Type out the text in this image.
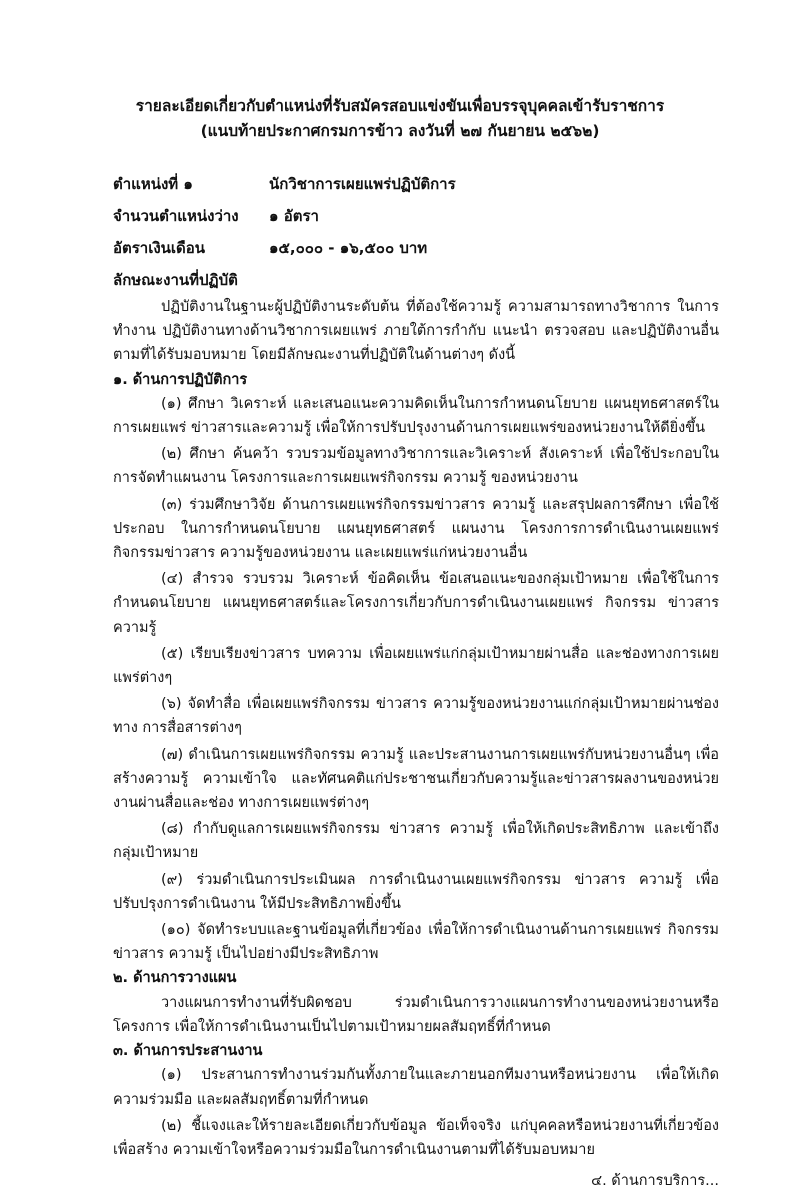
รายละเอียดเกี่ยวกับตำแหน่งที่รับสมัครสอบแข่งขันเพื่อบรรจุบุคคลเข้ารับราชการ
(แนบท้ายประกาศกรมการข้าว ลงวันที่ ๒๗ กันยายน ๒๕๖๒)
ตำแหน่งที่ ๑	นักวิชาการเผยแพร่ปฏิบัติการ
จำนวนตำแหน่งว่าง	๑ อัตรา
อัตราเงินเดือน	๑๕,๐๐๐ - ๑๖,๕๐๐ บาท
ลักษณะงานที่ปฏิบัติ

ปฏิบัติงานในฐานะผู้ปฏิบัติงานระดับต้น ที่ต้องใช้ความรู้ ความสามารถทางวิชาการ ในการทำงาน ปฏิบัติงานทางด้านวิชาการเผยแพร่ ภายใต้การกำกับ แนะนำ ตรวจสอบ และปฏิบัติงานอื่น ตามที่ได้รับมอบหมาย โดยมีลักษณะงานที่ปฏิบัติในด้านต่างๆ ดังนี้

๑. ด้านการปฏิบัติการ

(๑) ศึกษา วิเคราะห์ และเสนอแนะความคิดเห็นในการกำหนดนโยบาย แผนยุทธศาสตร์ในการเผยแพร่ ข่าวสารและความรู้ เพื่อให้การปรับปรุงงานด้านการเผยแพร่ของหน่วยงานให้ดียิ่งขึ้น

(๒) ศึกษา ค้นคว้า รวบรวมข้อมูลทางวิชาการและวิเคราะห์ สังเคราะห์ เพื่อใช้ประกอบในการจัดทำแผนงาน โครงการและการเผยแพร่กิจกรรม ความรู้ ของหน่วยงาน

(๓) ร่วมศึกษาวิจัย ด้านการเผยแพร่กิจกรรมข่าวสาร ความรู้ และสรุปผลการศึกษา เพื่อใช้ประกอบ ในการกำหนดนโยบาย แผนยุทธศาสตร์ แผนงาน โครงการการดำเนินงานเผยแพร่กิจกรรมข่าวสาร ความรู้ของหน่วยงาน และเผยแพร่แก่หน่วยงานอื่น

(๔) สำรวจ รวบรวม วิเคราะห์ ข้อคิดเห็น ข้อเสนอแนะของกลุ่มเป้าหมาย เพื่อใช้ในการกำหนดนโยบาย แผนยุทธศาสตร์และโครงการเกี่ยวกับการดำเนินงานเผยแพร่ กิจกรรม ข่าวสาร ความรู้

(๕) เรียบเรียงข่าวสาร บทความ เพื่อเผยแพร่แก่กลุ่มเป้าหมายผ่านสื่อ และช่องทางการเผยแพร่ต่างๆ

(๖) จัดทำสื่อ เพื่อเผยแพร่กิจกรรม ข่าวสาร ความรู้ของหน่วยงานแก่กลุ่มเป้าหมายผ่านช่องทาง การสื่อสารต่างๆ

(๗) ดำเนินการเผยแพร่กิจกรรม ความรู้ และประสานงานการเผยแพร่กับหน่วยงานอื่นๆ เพื่อสร้างความรู้ ความเข้าใจ และทัศนคติแก่ประชาชนเกี่ยวกับความรู้และข่าวสารผลงานของหน่วยงานผ่านสื่อและช่อง ทางการเผยแพร่ต่างๆ

(๘) กำกับดูแลการเผยแพร่กิจกรรม ข่าวสาร ความรู้ เพื่อให้เกิดประสิทธิภาพ และเข้าถึงกลุ่มเป้าหมาย

(๙) ร่วมดำเนินการประเมินผล การดำเนินงานเผยแพร่กิจกรรม ข่าวสาร ความรู้ เพื่อปรับปรุงการดำเนินงาน ให้มีประสิทธิภาพยิ่งขึ้น

(๑๐) จัดทำระบบและฐานข้อมูลที่เกี่ยวข้อง เพื่อให้การดำเนินงานด้านการเผยแพร่ กิจกรรม ข่าวสาร ความรู้ เป็นไปอย่างมีประสิทธิภาพ

๒. ด้านการวางแผน

วางแผนการทำงานที่รับผิดชอบ ร่วมดำเนินการวางแผนการทำงานของหน่วยงานหรือโครงการ เพื่อให้การดำเนินงานเป็นไปตามเป้าหมายผลสัมฤทธิ์ที่กำหนด

๓. ด้านการประสานงาน

(๑) ประสานการทำงานร่วมกันทั้งภายในและภายนอกทีมงานหรือหน่วยงาน เพื่อให้เกิดความร่วมมือ และผลสัมฤทธิ์ตามที่กำหนด

(๒) ชี้แจงและให้รายละเอียดเกี่ยวกับข้อมูล ข้อเท็จจริง แก่บุคคลหรือหน่วยงานที่เกี่ยวข้องเพื่อสร้าง ความเข้าใจหรือความร่วมมือในการดำเนินงานตามที่ได้รับมอบหมาย

๔. ด้านการบริการ...
